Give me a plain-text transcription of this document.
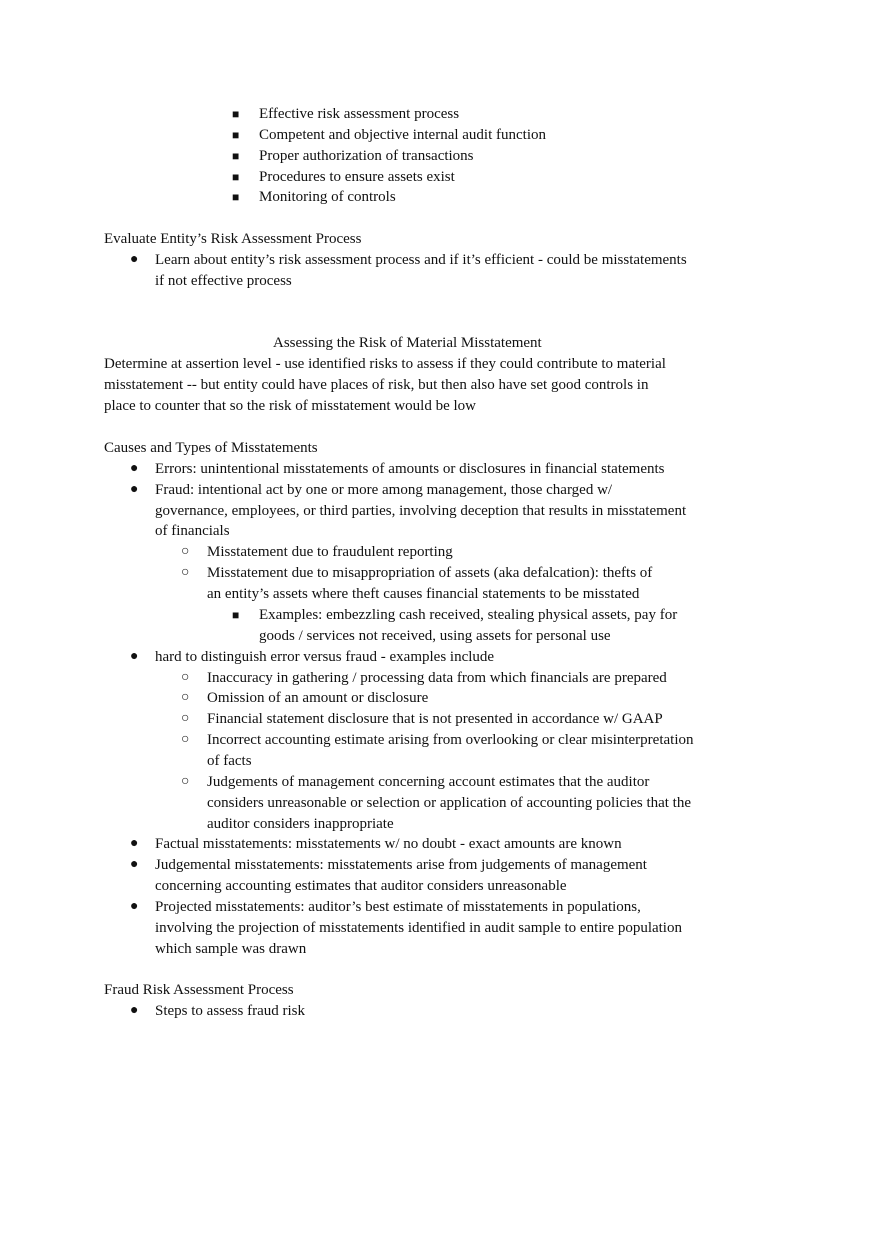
■ Effective risk assessment process
■ Competent and objective internal audit function
■ Proper authorization of transactions
■ Procedures to ensure assets exist
■ Monitoring of controls
Evaluate Entity’s Risk Assessment Process
● Learn about entity’s risk assessment process and if it’s efficient - could be misstatements
if not effective process
Assessing the Risk of Material Misstatement
Determine at assertion level - use identified risks to assess if they could contribute to material
misstatement -- but entity could have places of risk, but then also have set good controls in
place to counter that so the risk of misstatement would be low
Causes and Types of Misstatements
● Errors: unintentional misstatements of amounts or disclosures in financial statements
● Fraud: intentional act by one or more among management, those charged w/
governance, employees, or third parties, involving deception that results in misstatement
of financials
○ Misstatement due to fraudulent reporting
○ Misstatement due to misappropriation of assets (aka defalcation): thefts of
an entity’s assets where theft causes financial statements to be misstated
■ Examples: embezzling cash received, stealing physical assets, pay for
goods / services not received, using assets for personal use
● hard to distinguish error versus fraud - examples include
○ Inaccuracy in gathering / processing data from which financials are prepared
○ Omission of an amount or disclosure
○ Financial statement disclosure that is not presented in accordance w/ GAAP
○ Incorrect accounting estimate arising from overlooking or clear misinterpretation
of facts
○ Judgements of management concerning account estimates that the auditor
considers unreasonable or selection or application of accounting policies that the
auditor considers inappropriate
● Factual misstatements: misstatements w/ no doubt - exact amounts are known
● Judgemental misstatements: misstatements arise from judgements of management
concerning accounting estimates that auditor considers unreasonable
● Projected misstatements: auditor’s best estimate of misstatements in populations,
involving the projection of misstatements identified in audit sample to entire population
which sample was drawn
Fraud Risk Assessment Process
● Steps to assess fraud risk
